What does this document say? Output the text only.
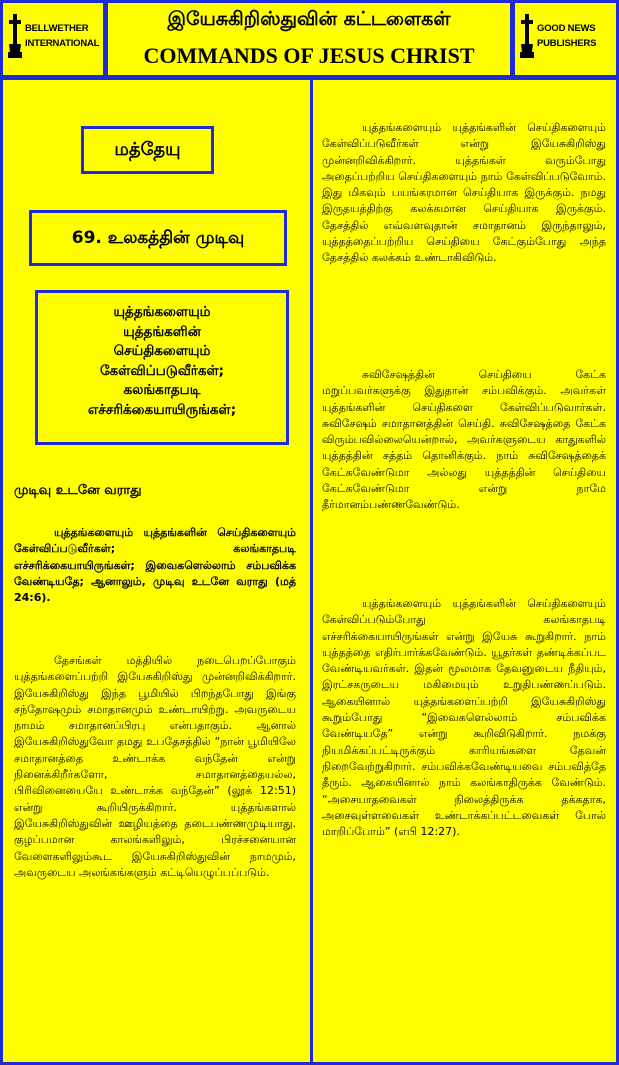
BELLWETHER INTERNATIONAL
GOOD NEWS PUBLISHERS
இயேசுகிறிஸ்துவின் கட்டளைகள்
COMMANDS OF JESUS CHRIST
மத்தேயு
69. உலகத்தின் முடிவு
யுத்தங்களையும்
யுத்தங்களின்
செய்திகளையும்
கேள்விப்படுவீர்கள்;
கலங்காதபடி
எச்சரிக்கையாயிருங்கள்;
முடிவு உடனே வராது

யுத்தங்களையும் யுத்தங்களின் செய்திகளையும் கேள்விப்படுவீர்கள்; கலங்காதபடி எச்சரிக்கையாயிருங்கள்; இவைகளெல்லாம் சம்பவிக்க வேண்டியதே; ஆனாலும், முடிவு உடனே வராது (மத் 24:6).

தேசங்கள் மத்தியில் நடைபெறப்போகும் யுத்தங்களைப்பற்றி இயேசுகிறிஸ்து முன்னறிவிக்கிறார். இயேசுகிறிஸ்து இந்த பூமியில் பிறந்தபோது இங்கு சந்தோஷமும் சமாதானமும் உண்டாயிற்று. அவருடைய நாமம் சமாதானப்பிரபு என்பதாகும். ஆனால் இயேசுகிறிஸ்துவோ தமது உபதேசத்தில் “நான் பூமியிலே சமாதானத்தை உண்டாக்க வந்தேன் என்று நினைக்கிறீர்களோ, சமாதானத்தையல்ல, பிரிவினையையே உண்டாக்க வந்தேன்” (லூக் 12:51) என்று கூறியிருக்கிறார். யுத்தங்களால் இயேசுகிறிஸ்துவின் ஊழியத்தை தடைபண்ணமுடியாது. குழப்பமான காலங்களிலும், பிரச்சனையான வேளைகளிலும்கூட இயேசுகிறிஸ்துவின் நாமமும், அவருடைய அலங்கங்களும் கட்டியெழுப்பப்படும்.

யுத்தங்களையும் யுத்தங்களின் செய்திகளையும் கேள்விப்படுவீர்கள் என்று இயேசுகிறிஸ்து முன்னறிவிக்கிறார். யுத்தங்கள் வரும்போது அதைப்பற்றிய செய்திகளையும் நாம் கேள்விப்படுவோம். இது மிகவும் பயங்கரமான செய்தியாக இருக்கும். நமது இருதயத்திற்கு கலக்கமான செய்தியாக இருக்கும். தேசத்தில் எவ்வளவுதான் சமாதானம் இருந்தாலும், யுத்தத்தைப்பற்றிய செய்தியை கேட்கும்போது அந்த தேசத்தில் கலக்கம் உண்டாகிவிடும்.

சுவிசேஷத்தின் செய்தியை கேட்க மறுப்பவர்களுக்கு இதுதான் சம்பவிக்கும். அவர்கள் யுத்தங்களின் செய்திகளை கேள்விப்படுவார்கள். சுவிசேஷம் சமாதானத்தின் செய்தி. சுவிசேஷத்தை கேட்க விரும்பவில்லையென்றால், அவர்களுடைய காதுகளில் யுத்தத்தின் சத்தம் தொனிக்கும். நாம் சுவிசேஷத்தைக் கேட்கவேண்டுமா அல்லது யுத்தத்தின் செய்தியை கேட்கவேண்டுமா என்று நாமே தீர்மானம்பண்ணவேண்டும்.

யுத்தங்களையும் யுத்தங்களின் செய்திகளையும் கேள்விப்படும்போது கலங்காதபடி எச்சரிக்கையாயிருங்கள் என்று இயேசு கூறுகிறார். நாம் யுத்தத்தை எதிர்பார்க்கவேண்டும். யூதர்கள் தண்டிக்கப்பட வேண்டியவர்கள். இதன் மூலமாக தேவனுடைய நீதியும், இரட்சகருடைய மகிமையும் உறுதிபண்ணப்படும். ஆகையினால் யுத்தங்களைப்பற்றி இயேசுகிறிஸ்து கூறும்போது “இவைகளெல்லாம் சம்பவிக்க வேண்டியதே” என்று கூறிவிடுகிறார். நமக்கு நியமிக்கப்பட்டிருக்கும் காரியங்களை தேவன் நிறைவேற்றுகிறார். சம்பவிக்கவேண்டியவை சம்பவித்தே தீரும். ஆகையினால் நாம் கலங்காதிருக்க வேண்டும். “அசையாதவைகள் நிலைத்திருக்க தக்கதாக, அசைவுள்ளவைகள் உண்டாக்கப்பட்டவைகள் போல் மாறிப்போம்” (எபி 12:27).
